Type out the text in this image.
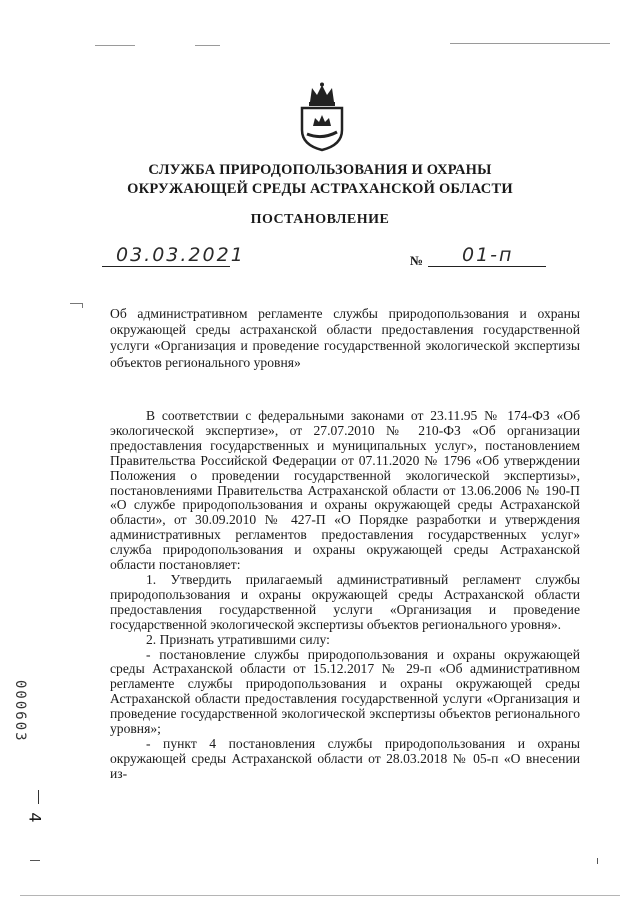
СЛУЖБА ПРИРОДОПОЛЬЗОВАНИЯ И ОХРАНЫ
ОКРУЖАЮЩЕЙ СРЕДЫ АСТРАХАНСКОЙ ОБЛАСТИ
ПОСТАНОВЛЕНИЕ
03.03.2021	№ 01-п
Об административном регламенте службы природопользования и охраны окружающей среды астраханской области предоставления государственной услуги «Организация и проведение государственной экологической экспертизы объектов регионального уровня»

В соответствии с федеральными законами от 23.11.95 № 174-ФЗ «Об экологической экспертизе», от 27.07.2010 № 210-ФЗ «Об организации предоставления государственных и муниципальных услуг», постановлением Правительства Российской Федерации от 07.11.2020 № 1796 «Об утверждении Положения о проведении государственной экологической экспертизы», постановлениями Правительства Астраханской области от 13.06.2006 № 190-П «О службе природопользования и охраны окружающей среды Астраханской области», от 30.09.2010 № 427-П «О Порядке разработки и утверждения административных регламентов предоставления государственных услуг» служба природопользования и охраны окружающей среды Астраханской области постановляет:

1. Утвердить прилагаемый административный регламент службы природопользования и охраны окружающей среды Астраханской области предоставления государственной услуги «Организация и проведение государственной экологической экспертизы объектов регионального уровня».

2. Признать утратившими силу:

- постановление службы природопользования и охраны окружающей среды Астраханской области от 15.12.2017 № 29-п «Об административном регламенте службы природопользования и охраны окружающей среды Астраханской области предоставления государственной услуги «Организация и проведение государственной экологической экспертизы объектов регионального уровня»;

- пункт 4 постановления службы природопользования и охраны окружающей среды Астраханской области от 28.03.2018 № 05-п «О внесении из-

000603
4
